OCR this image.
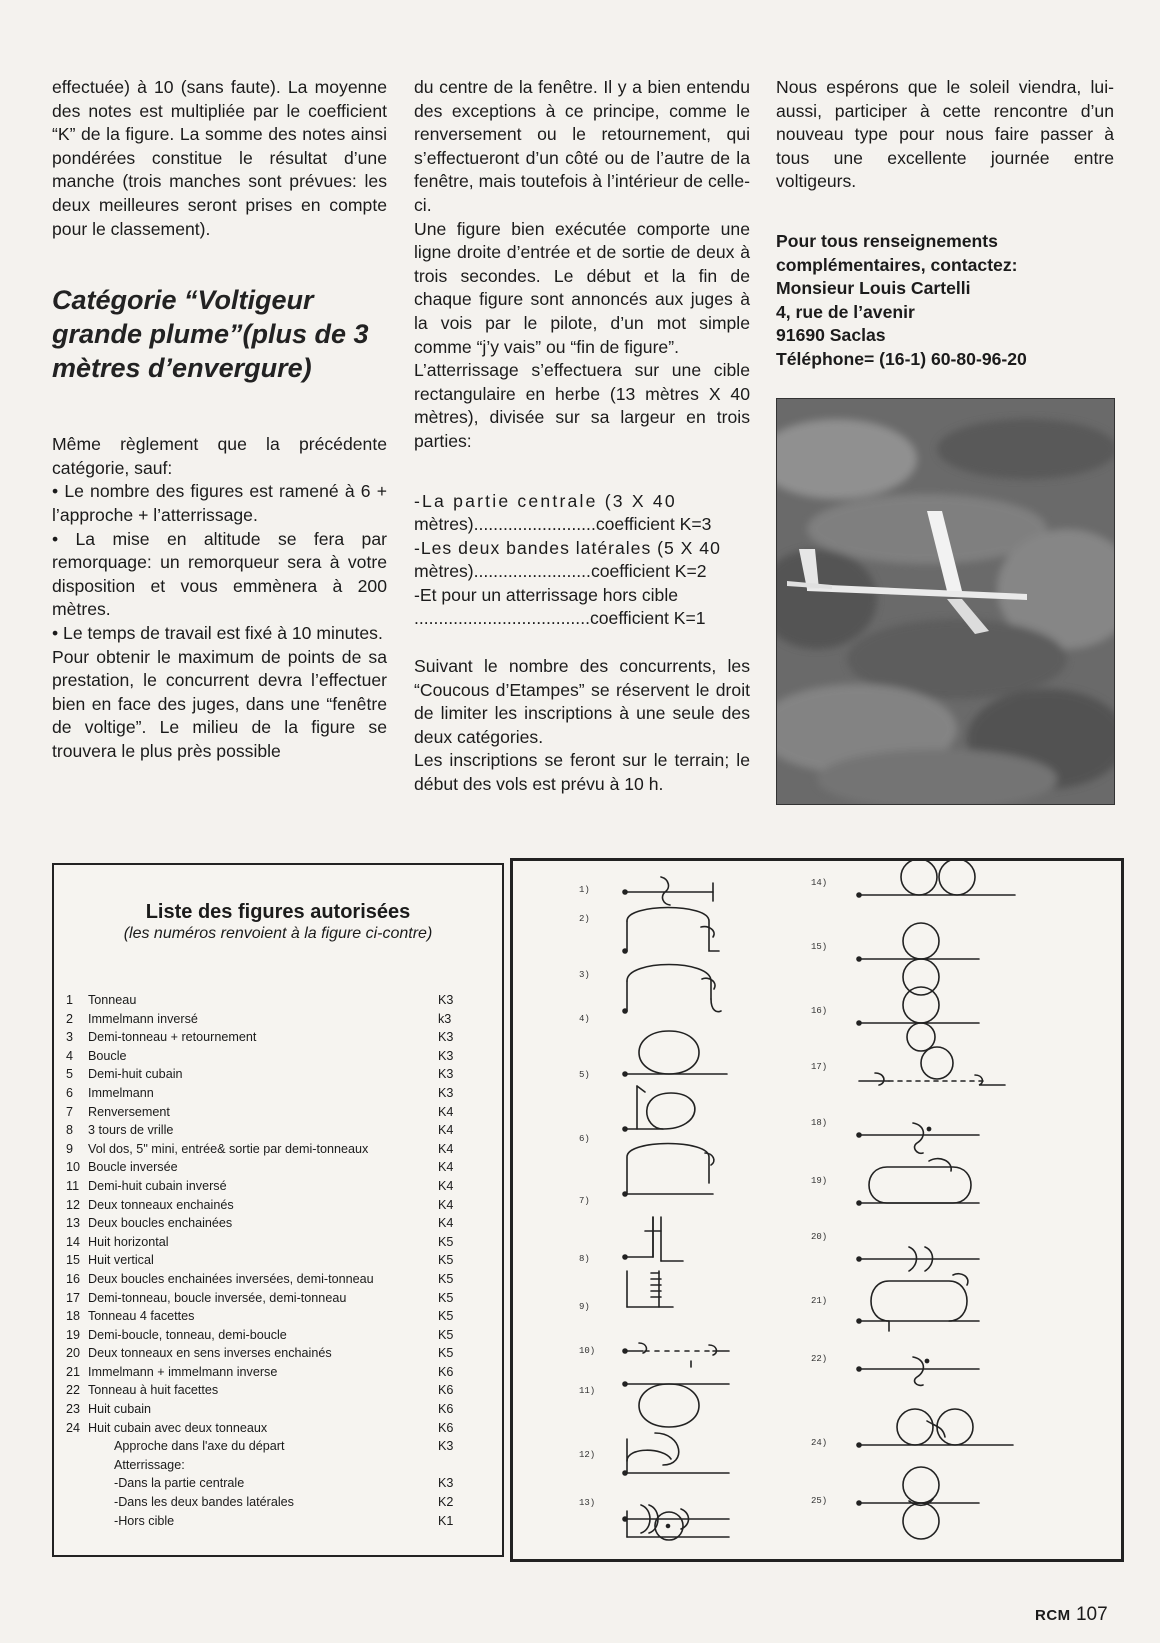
effectuée) à 10 (sans faute). La moyenne des notes est multipliée par le coefficient “K” de la figure. La somme des notes ainsi pondérées constitue le résultat d’une manche (trois manches sont prévues: les deux meilleures seront prises en compte pour le classement).

Catégorie “Voltigeur grande plume”(plus de 3 mètres d’envergure)

Même règlement que la précédente catégorie, sauf:

• Le nombre des figures est ramené à 6 + l’approche + l’atterrissage.

• La mise en altitude se fera par remorquage: un remorqueur sera à votre disposition et vous emmènera à 200 mètres.

• Le temps de travail est fixé à 10 minutes.

Pour obtenir le maximum de points de sa prestation, le concurrent devra l’effectuer bien en face des juges, dans une “fenêtre de voltige”. Le milieu de la figure se trouvera le plus près possible

du centre de la fenêtre. Il y a bien entendu des exceptions à ce principe, comme le renversement ou le retournement, qui s’effectueront d’un côté ou de l’autre de la fenêtre, mais toutefois à l’intérieur de celle-ci.

Une figure bien exécutée comporte une ligne droite d’entrée et de sortie de deux à trois secondes. Le début et la fin de chaque figure sont annoncés aux juges à la vois par le pilote, d’un mot simple comme “j’y vais” ou “fin de figure”.

L’atterrissage s’effectuera sur une cible rectangulaire en herbe (13 mètres X 40 mètres), divisée sur sa largeur en trois parties:

-La partie centrale (3 X 40

mètres).........................coefficient K=3

-Les deux bandes latérales (5 X 40

mètres)........................coefficient K=2

-Et pour un atterrissage hors cible

....................................coefficient K=1

Suivant le nombre des concurrents, les “Coucous d’Etampes” se réservent le droit de limiter les inscriptions à une seule des deux catégories.

Les inscriptions se feront sur le terrain; le début des vols est prévu à 10 h.

Nous espérons que le soleil viendra, lui-aussi, participer à cette rencontre d’un nouveau type pour nous faire passer à tous une excellente journée entre voltigeurs.

Pour tous renseignements complémentaires, contactez:

Monsieur Louis Cartelli

4, rue de l’avenir

91690 Saclas

Téléphone= (16-1) 60-80-96-20

Liste des figures autorisées
(les numéros renvoient à la figure ci-contre)
1	Tonneau	K3
2	Immelmann inversé	k3
3	Demi-tonneau + retournement	K3
4	Boucle	K3
5	Demi-huit cubain	K3
6	Immelmann	K3
7	Renversement	K4
8	3 tours de vrille	K4
9	Vol dos, 5" mini, entrée& sortie par demi-tonneaux	K4
10 Boucle inversée	K4
11 Demi-huit cubain inversé	K4
12 Deux tonneaux enchainés	K4
13 Deux boucles enchainées	K4
14 Huit horizontal	K5
15 Huit vertical	K5
16 Deux boucles enchainées inversées, demi-tonneau	K5
17 Demi-tonneau, boucle inversée, demi-tonneau	K5
18 Tonneau 4 facettes	K5
19 Demi-boucle, tonneau, demi-boucle	K5
20 Deux tonneaux en sens inverses enchainés	K5
21 Immelmann + immelmann inverse	K6
22 Tonneau à huit facettes	K6
23 Huit cubain	K6
24 Huit cubain avec deux tonneaux	K6
Approche dans l'axe du départ	K3
Atterrissage:
-Dans la partie centrale	K3
-Dans les deux bandes latérales	K2
-Hors cible	K1
1)
2)
3)
4)
5)
6)
7)
8)
9)
10)
11)
12)
13)
14)
15)
16)
17)
18)
19)
20)
21)
22)
24)
25)
RCM 107
